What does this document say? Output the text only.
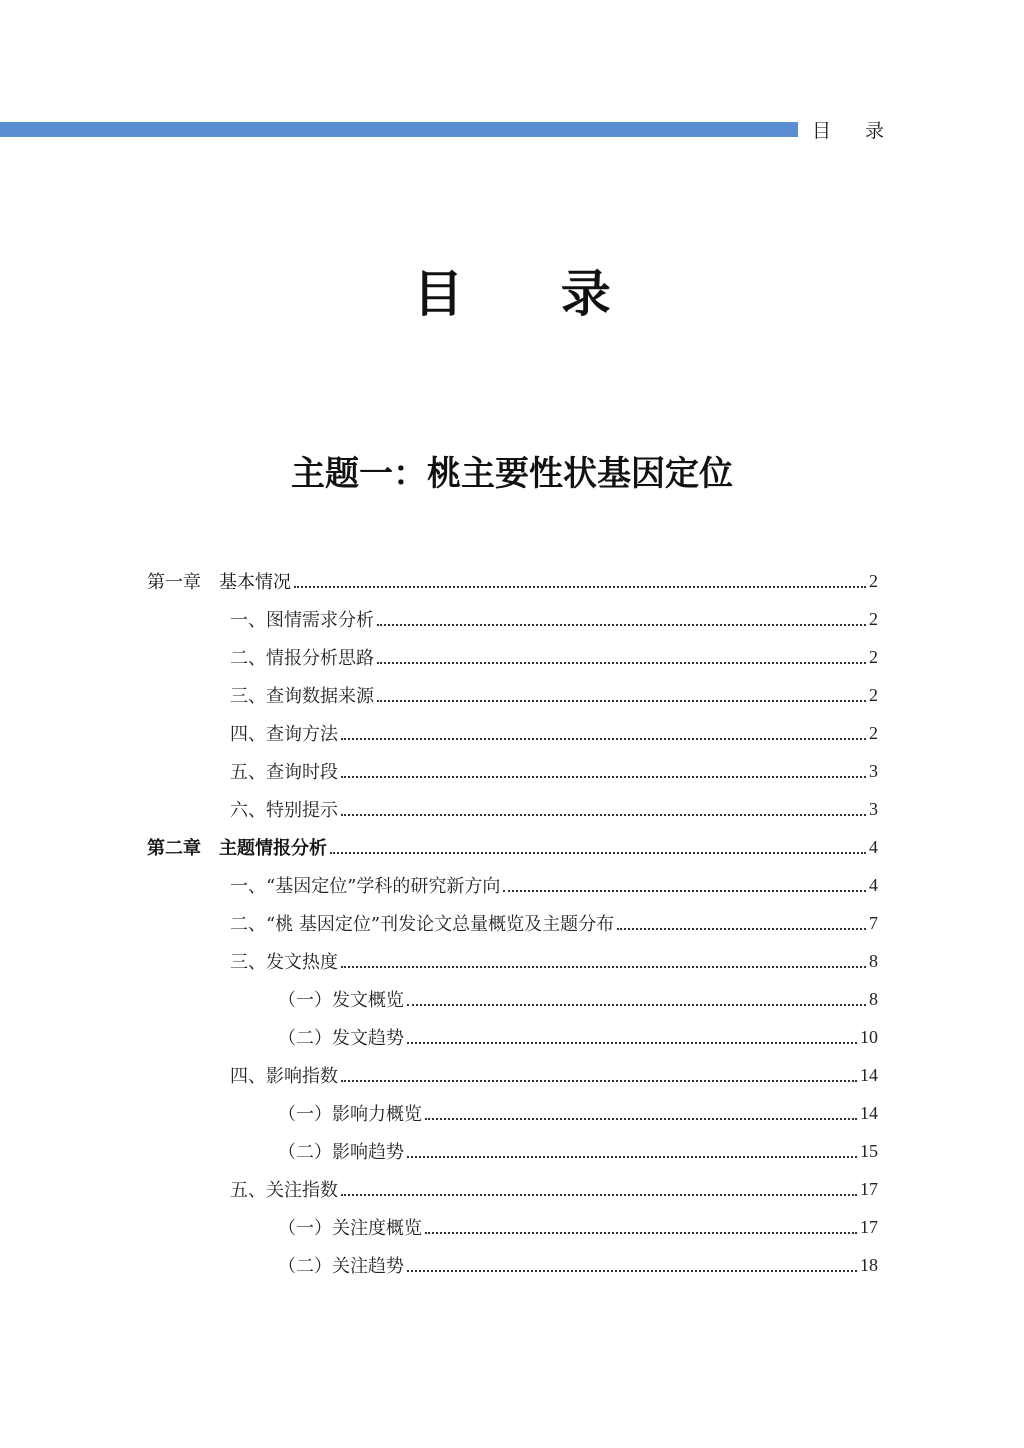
目 录
目 录
主题一：桃主要性状基因定位
第一章　基本情况	2
一、图情需求分析	2
二、情报分析思路	2
三、查询数据来源	2
四、查询方法	2
五、查询时段	3
六、特别提示	3
第二章　主题情报分析	4
一、“基因定位”学科的研究新方向	4
二、“桃 基因定位”刊发论文总量概览及主题分布	7
三、发文热度	8
（一）发文概览	8
（二）发文趋势	10
四、影响指数	14
（一）影响力概览	14
（二）影响趋势	15
五、关注指数	17
（一）关注度概览	17
（二）关注趋势	18
